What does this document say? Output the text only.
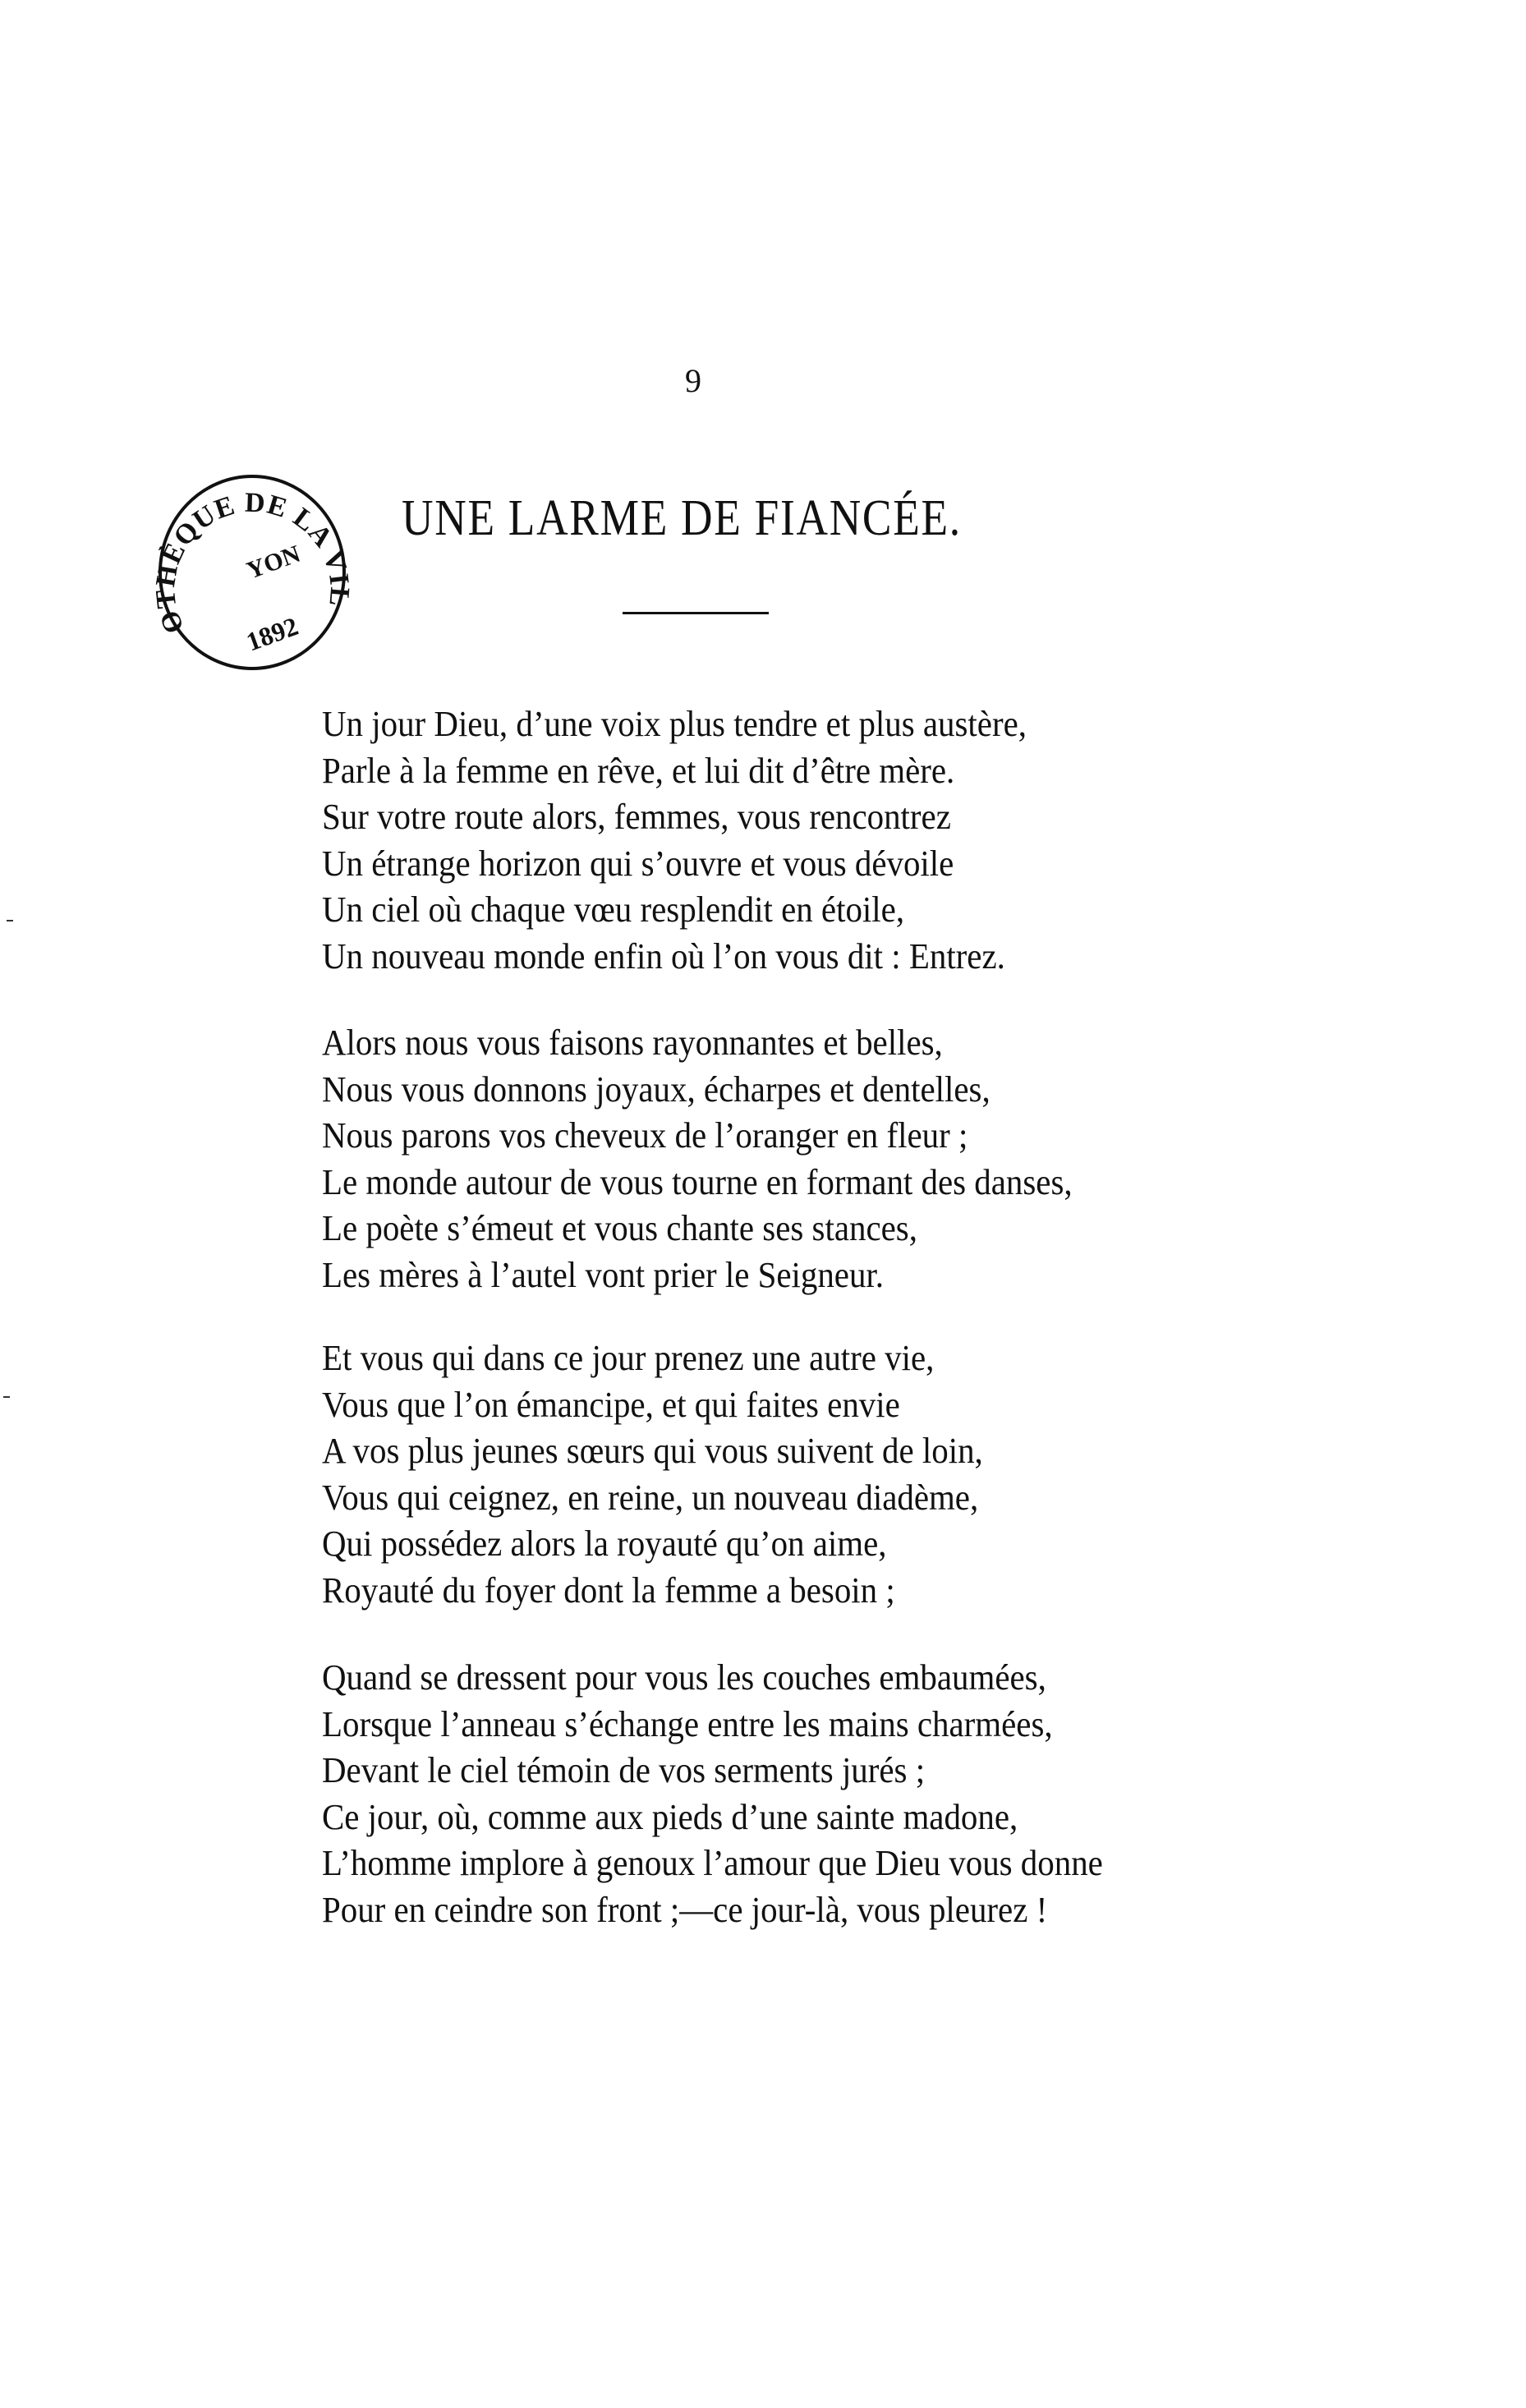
9
OTHÈQUE DE LA VIL
YON
1892
UNE LARME DE FIANCÉE.
Un jour Dieu, d’une voix plus tendre et plus austère,
Parle à la femme en rêve, et lui dit d’être mère.
Sur votre route alors, femmes, vous rencontrez
Un étrange horizon qui s’ouvre et vous dévoile
Un ciel où chaque vœu resplendit en étoile,
Un nouveau monde enfin où l’on vous dit : Entrez.
Alors nous vous faisons rayonnantes et belles,
Nous vous donnons joyaux, écharpes et dentelles,
Nous parons vos cheveux de l’oranger en fleur ;
Le monde autour de vous tourne en formant des danses,
Le poète s’émeut et vous chante ses stances,
Les mères à l’autel vont prier le Seigneur.
Et vous qui dans ce jour prenez une autre vie,
Vous que l’on émancipe, et qui faites envie
A vos plus jeunes sœurs qui vous suivent de loin,
Vous qui ceignez, en reine, un nouveau diadème,
Qui possédez alors la royauté qu’on aime,
Royauté du foyer dont la femme a besoin ;
Quand se dressent pour vous les couches embaumées,
Lorsque l’anneau s’échange entre les mains charmées,
Devant le ciel témoin de vos serments jurés ;
Ce jour, où, comme aux pieds d’une sainte madone,
L’homme implore à genoux l’amour que Dieu vous donne
Pour en ceindre son front ;—ce jour-là, vous pleurez !
